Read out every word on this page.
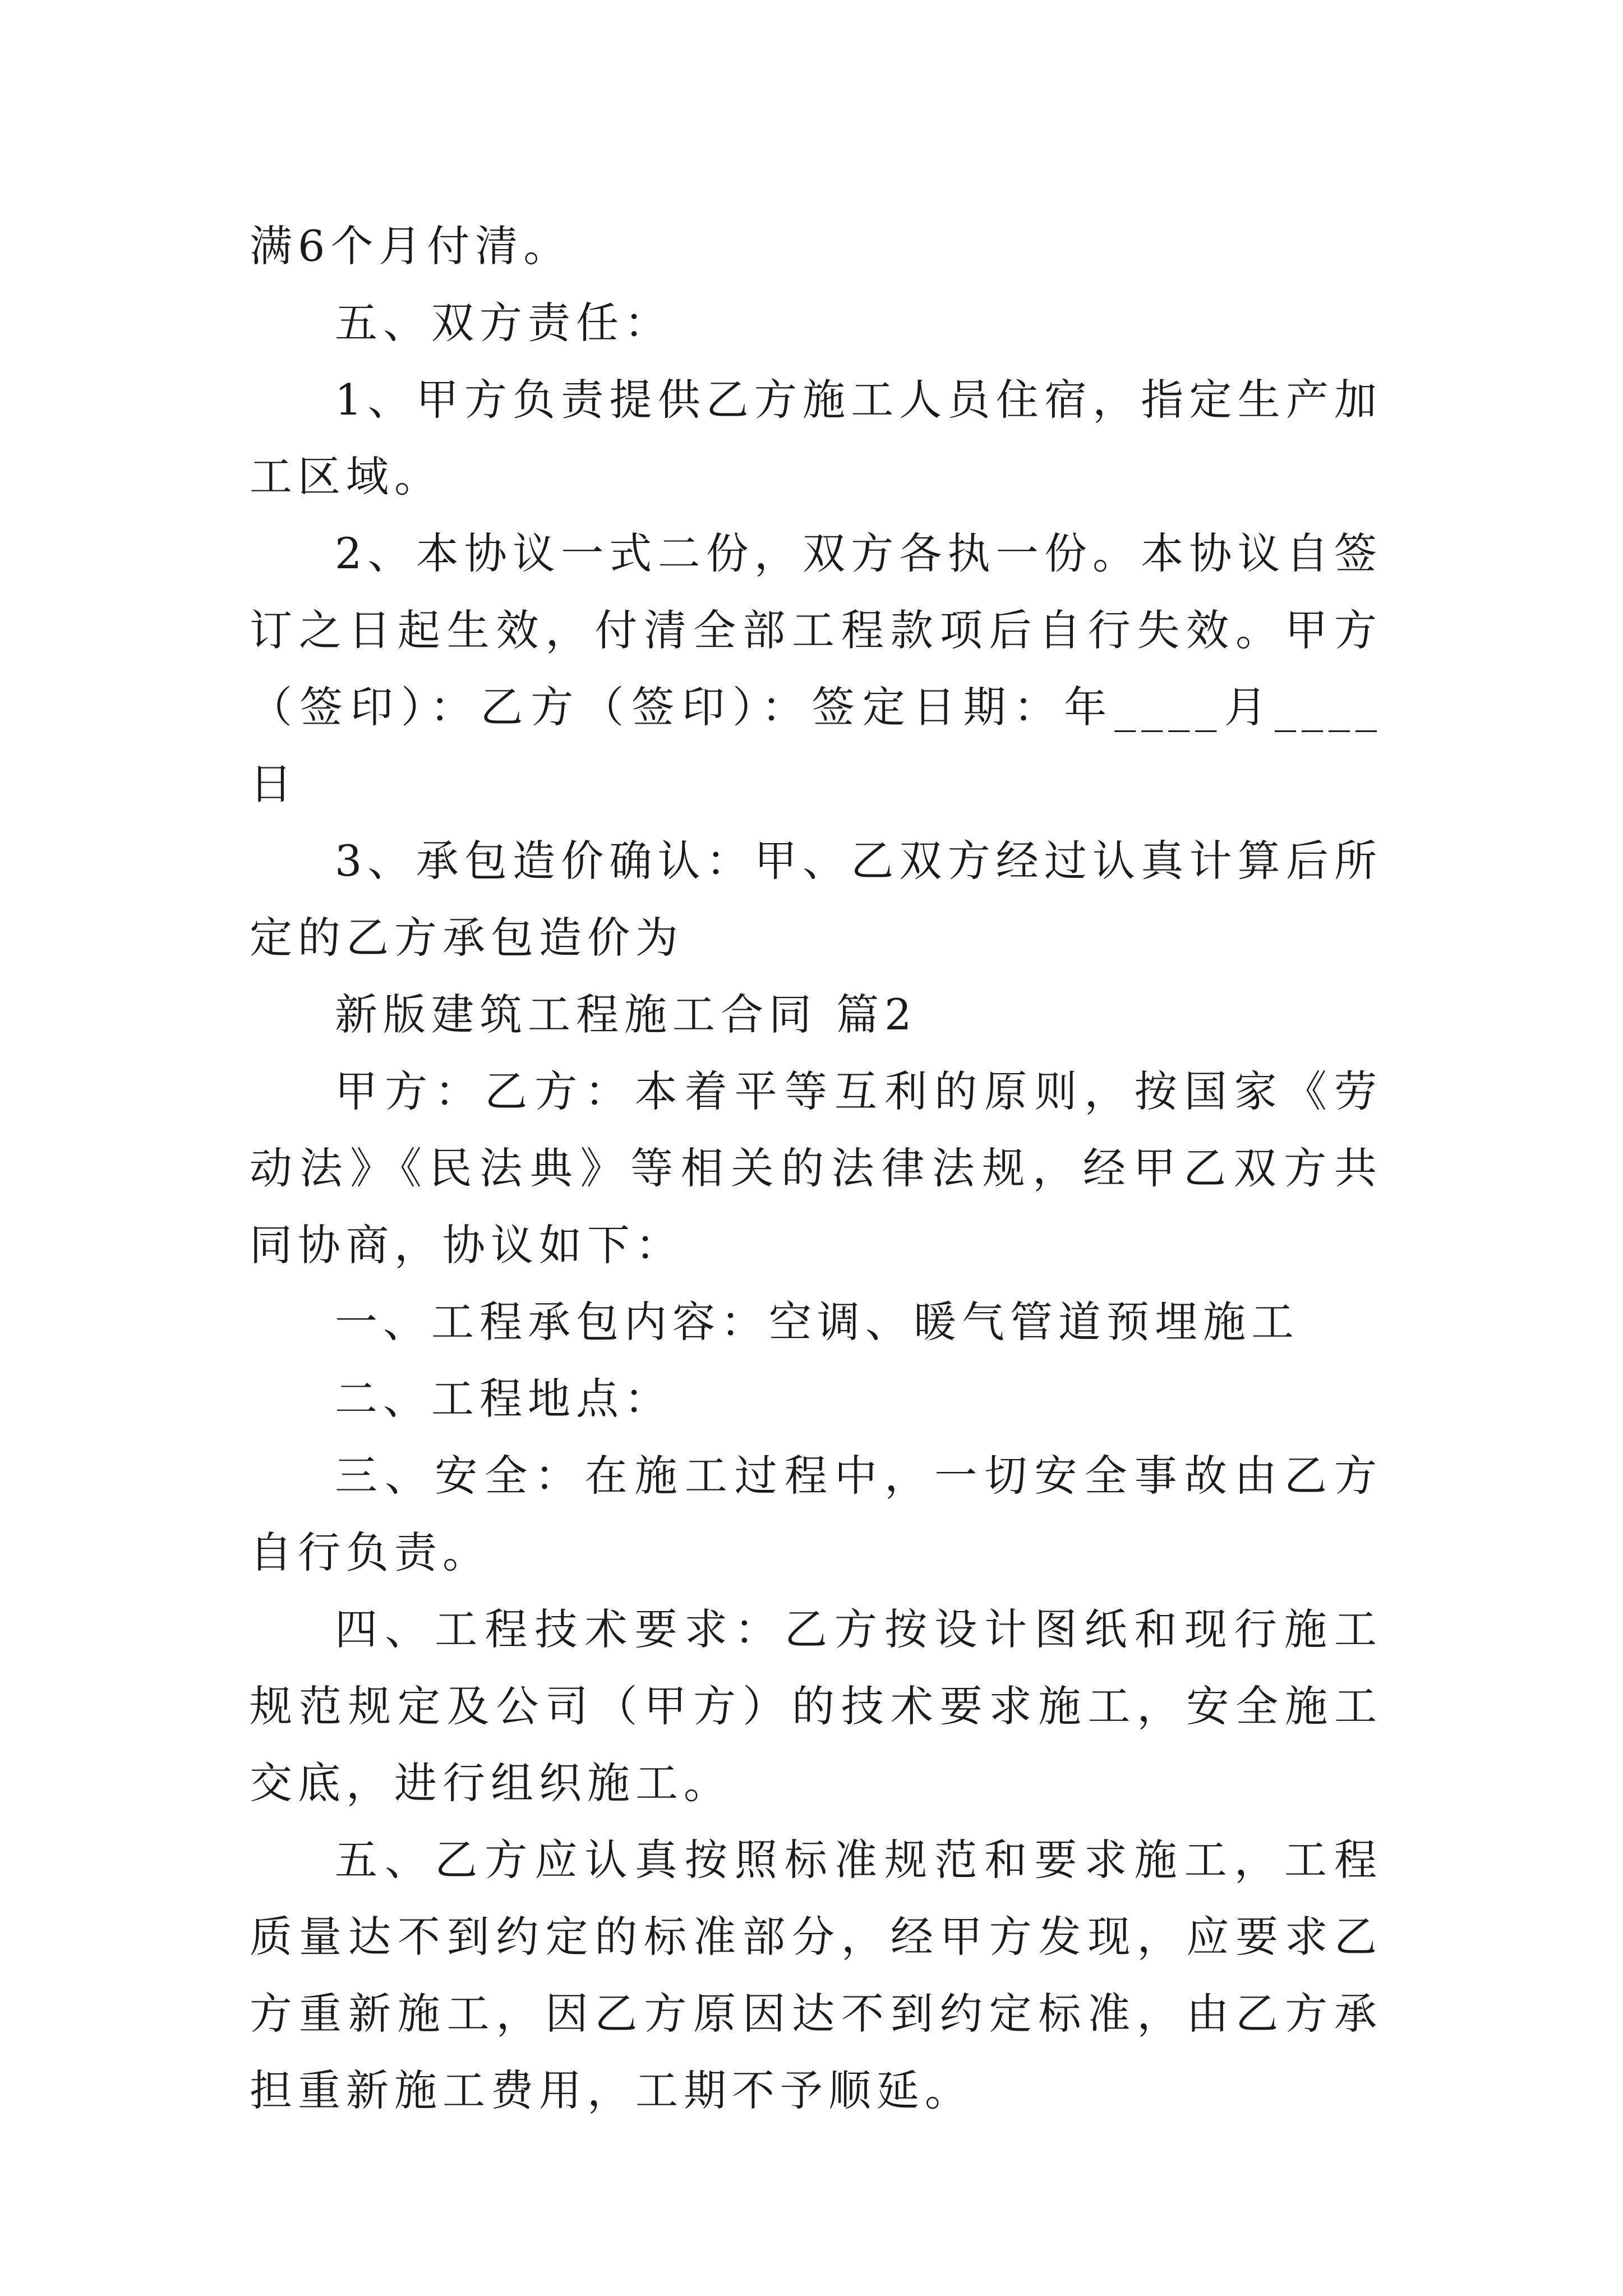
满6个月付清。

五、双方责任：

1、甲方负责提供乙方施工人员住宿，指定生产加工区域。

2、本协议一式二份，双方各执一份。本协议自签订之日起生效，付清全部工程款项后自行失效。甲方（签印）：乙方（签印）：签定日期：年____月____日

3、承包造价确认：甲、乙双方经过认真计算后所定的乙方承包造价为

新版建筑工程施工合同 篇2

甲方：乙方：本着平等互利的原则，按国家《劳动法》《民法典》等相关的法律法规，经甲乙双方共同协商，协议如下：

一、工程承包内容：空调、暖气管道预埋施工

二、工程地点：

三、安全：在施工过程中，一切安全事故由乙方自行负责。

四、工程技术要求：乙方按设计图纸和现行施工规范规定及公司（甲方）的技术要求施工，安全施工交底，进行组织施工。

五、乙方应认真按照标准规范和要求施工，工程质量达不到约定的标准部分，经甲方发现，应要求乙方重新施工，因乙方原因达不到约定标准，由乙方承担重新施工费用，工期不予顺延。
